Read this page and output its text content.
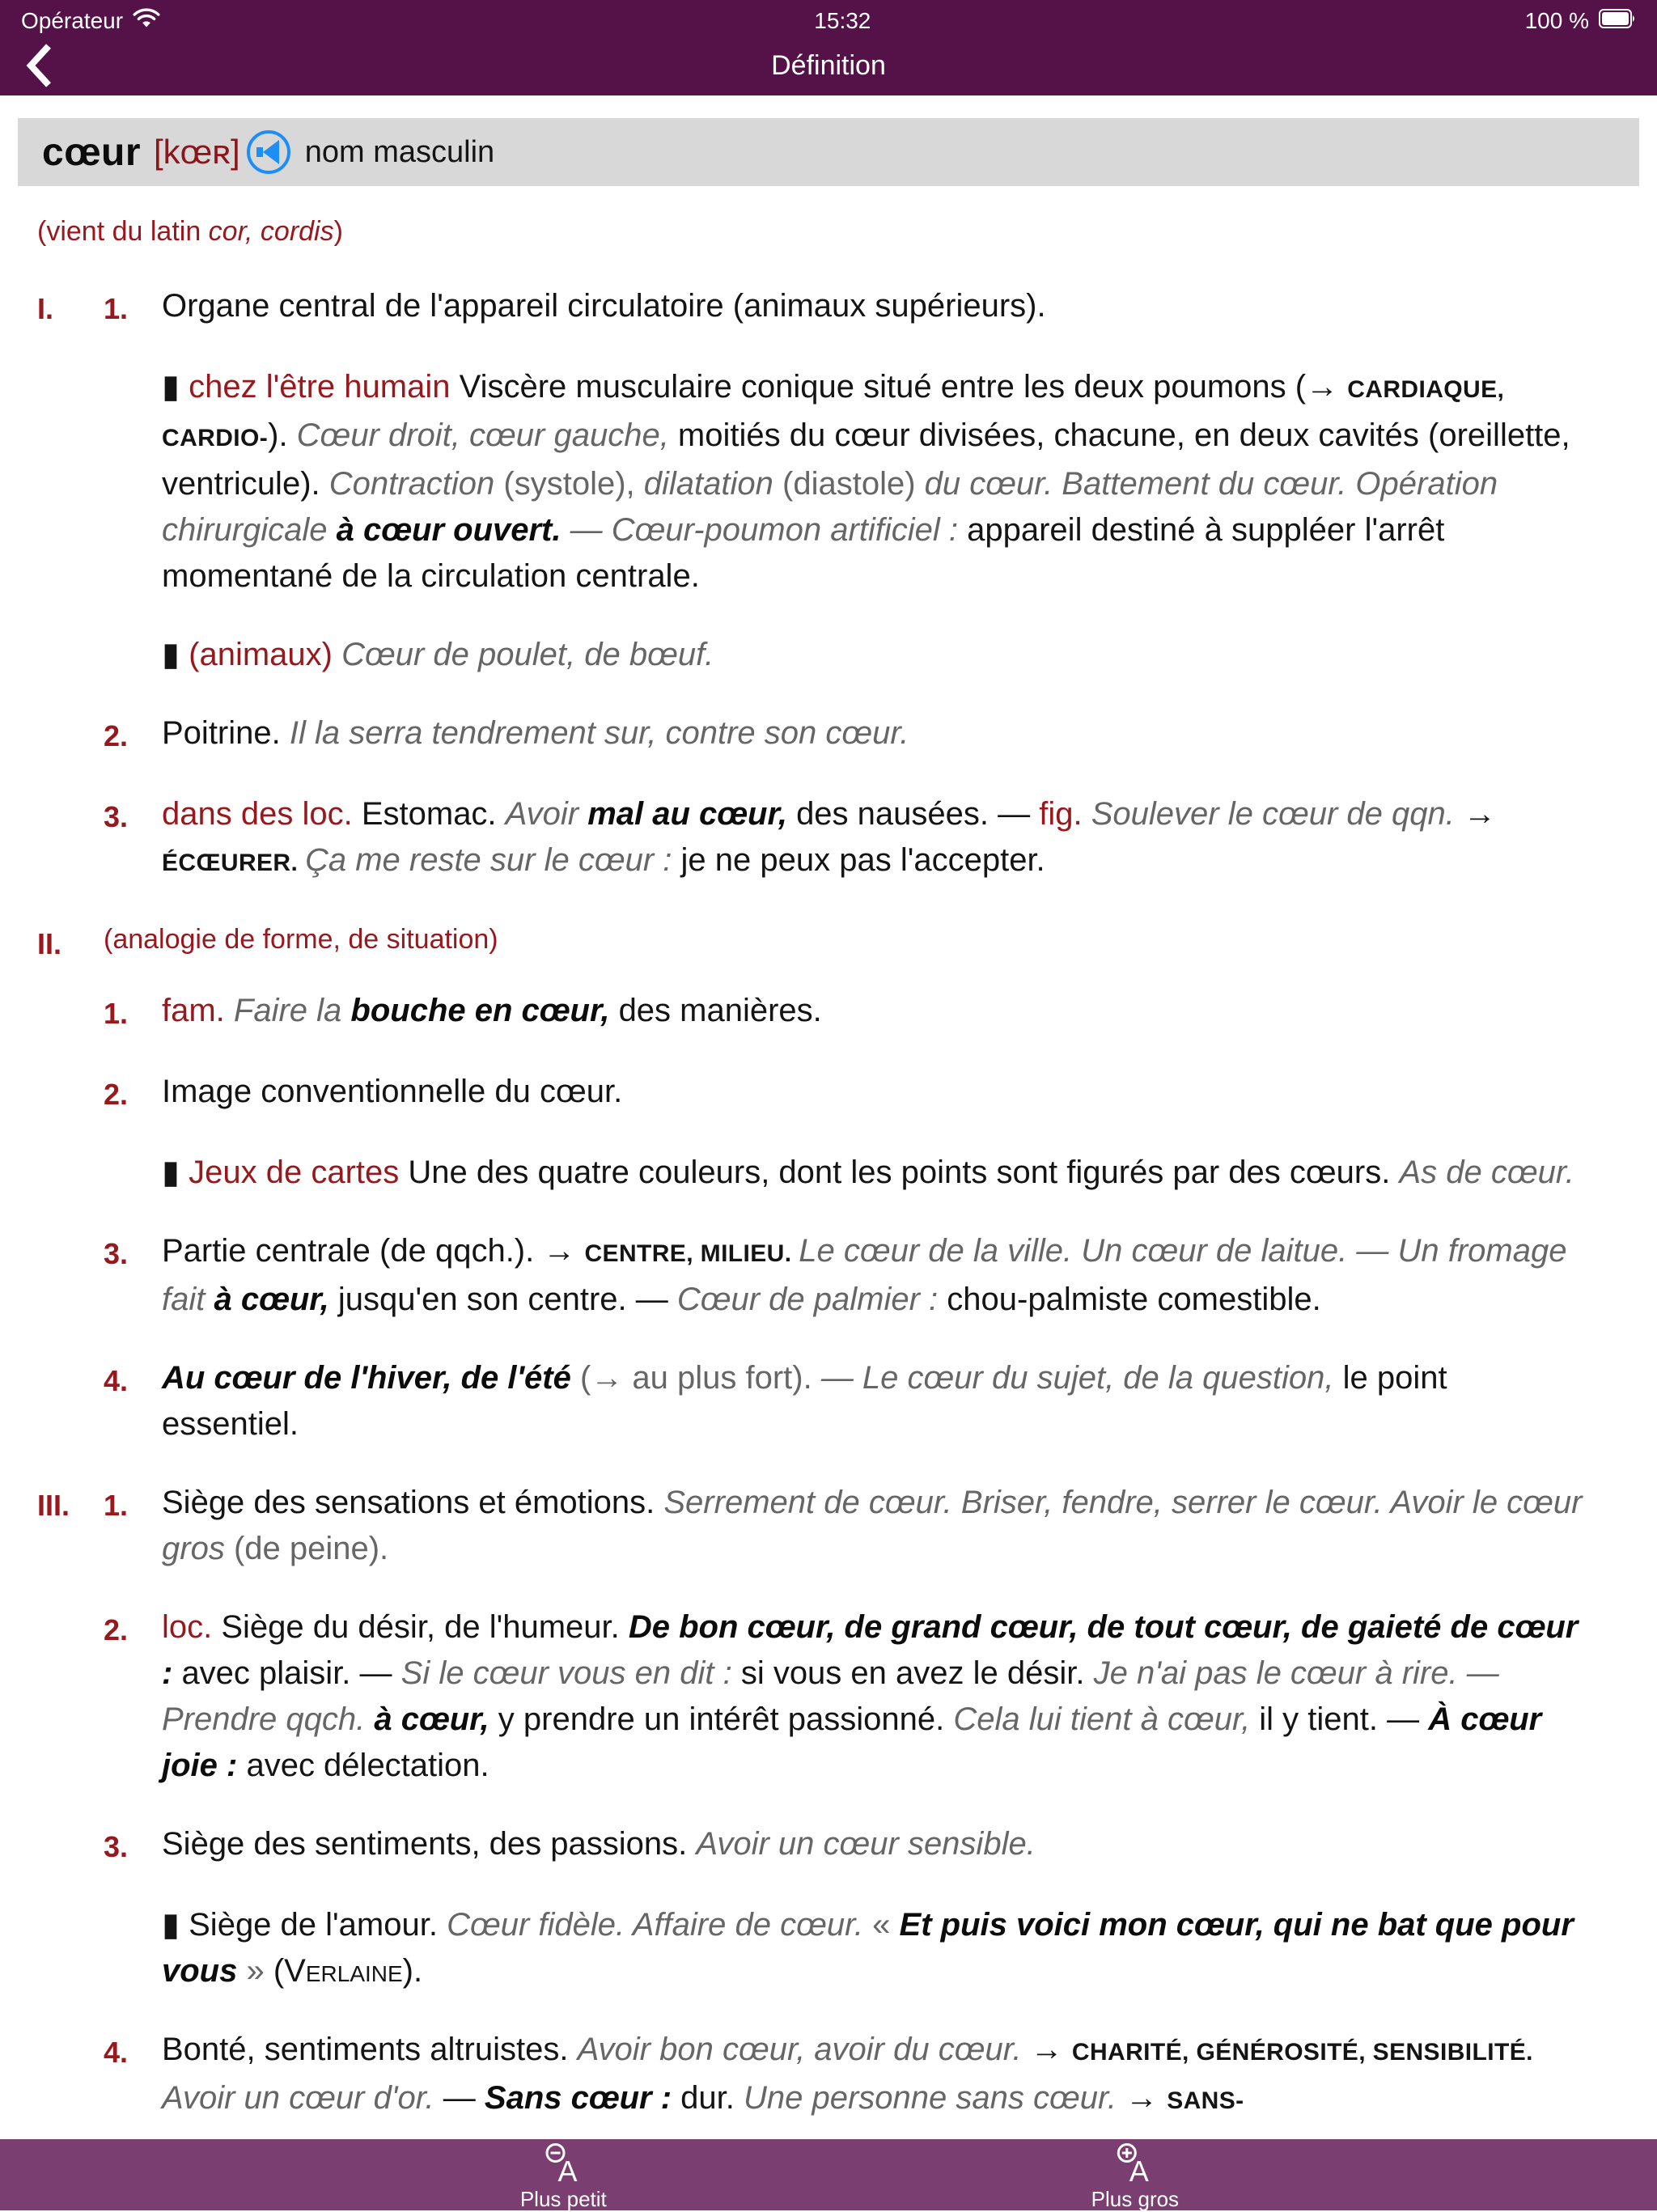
Opérateur	15:32	100 %
Définition
cœur [kœʀ] nom masculin
(vient du latin cor, cordis)
I.	1.	Organe central de l'appareil circulatoire (animaux supérieurs).
▮ chez l'être humain Viscère musculaire conique situé entre les deux poumons (→ CARDIAQUE, CARDIO-). Cœur droit, cœur gauche, moitiés du cœur divisées, chacune, en deux cavités (oreillette, ventricule). Contraction (systole), dilatation (diastole) du cœur. Battement du cœur. Opération chirurgicale à cœur ouvert. — Cœur-poumon artificiel : appareil destiné à suppléer l'arrêt momentané de la circulation centrale.
▮ (animaux) Cœur de poulet, de bœuf.
2.	Poitrine. Il la serra tendrement sur, contre son cœur.
3.	dans des loc. Estomac. Avoir mal au cœur, des nausées. — fig. Soulever le cœur de qqn. → ÉCŒURER. Ça me reste sur le cœur : je ne peux pas l'accepter.
II.	(analogie de forme, de situation)
1.	fam. Faire la bouche en cœur, des manières.
2.	Image conventionnelle du cœur.
▮ Jeux de cartes Une des quatre couleurs, dont les points sont figurés par des cœurs. As de cœur.
3.	Partie centrale (de qqch.). → CENTRE, MILIEU. Le cœur de la ville. Un cœur de laitue. — Un fromage fait à cœur, jusqu'en son centre. — Cœur de palmier : chou-palmiste comestible.
4.	Au cœur de l'hiver, de l'été (→ au plus fort). — Le cœur du sujet, de la question, le point essentiel.
III.	1.	Siège des sensations et émotions. Serrement de cœur. Briser, fendre, serrer le cœur. Avoir le cœur gros (de peine).
2.	loc. Siège du désir, de l'humeur. De bon cœur, de grand cœur, de tout cœur, de gaieté de cœur : avec plaisir. — Si le cœur vous en dit : si vous en avez le désir. Je n'ai pas le cœur à rire. — Prendre qqch. à cœur, y prendre un intérêt passionné. Cela lui tient à cœur, il y tient. — À cœur joie : avec délectation.
3.	Siège des sentiments, des passions. Avoir un cœur sensible.
▮ Siège de l'amour. Cœur fidèle. Affaire de cœur. « Et puis voici mon cœur, qui ne bat que pour vous » (Verlaine).
4.	Bonté, sentiments altruistes. Avoir bon cœur, avoir du cœur. → CHARITÉ, GÉNÉROSITÉ, SENSIBILITÉ. Avoir un cœur d'or. — Sans cœur : dur. Une personne sans cœur. → SANS-
A
Plus petit
A
Plus gros
